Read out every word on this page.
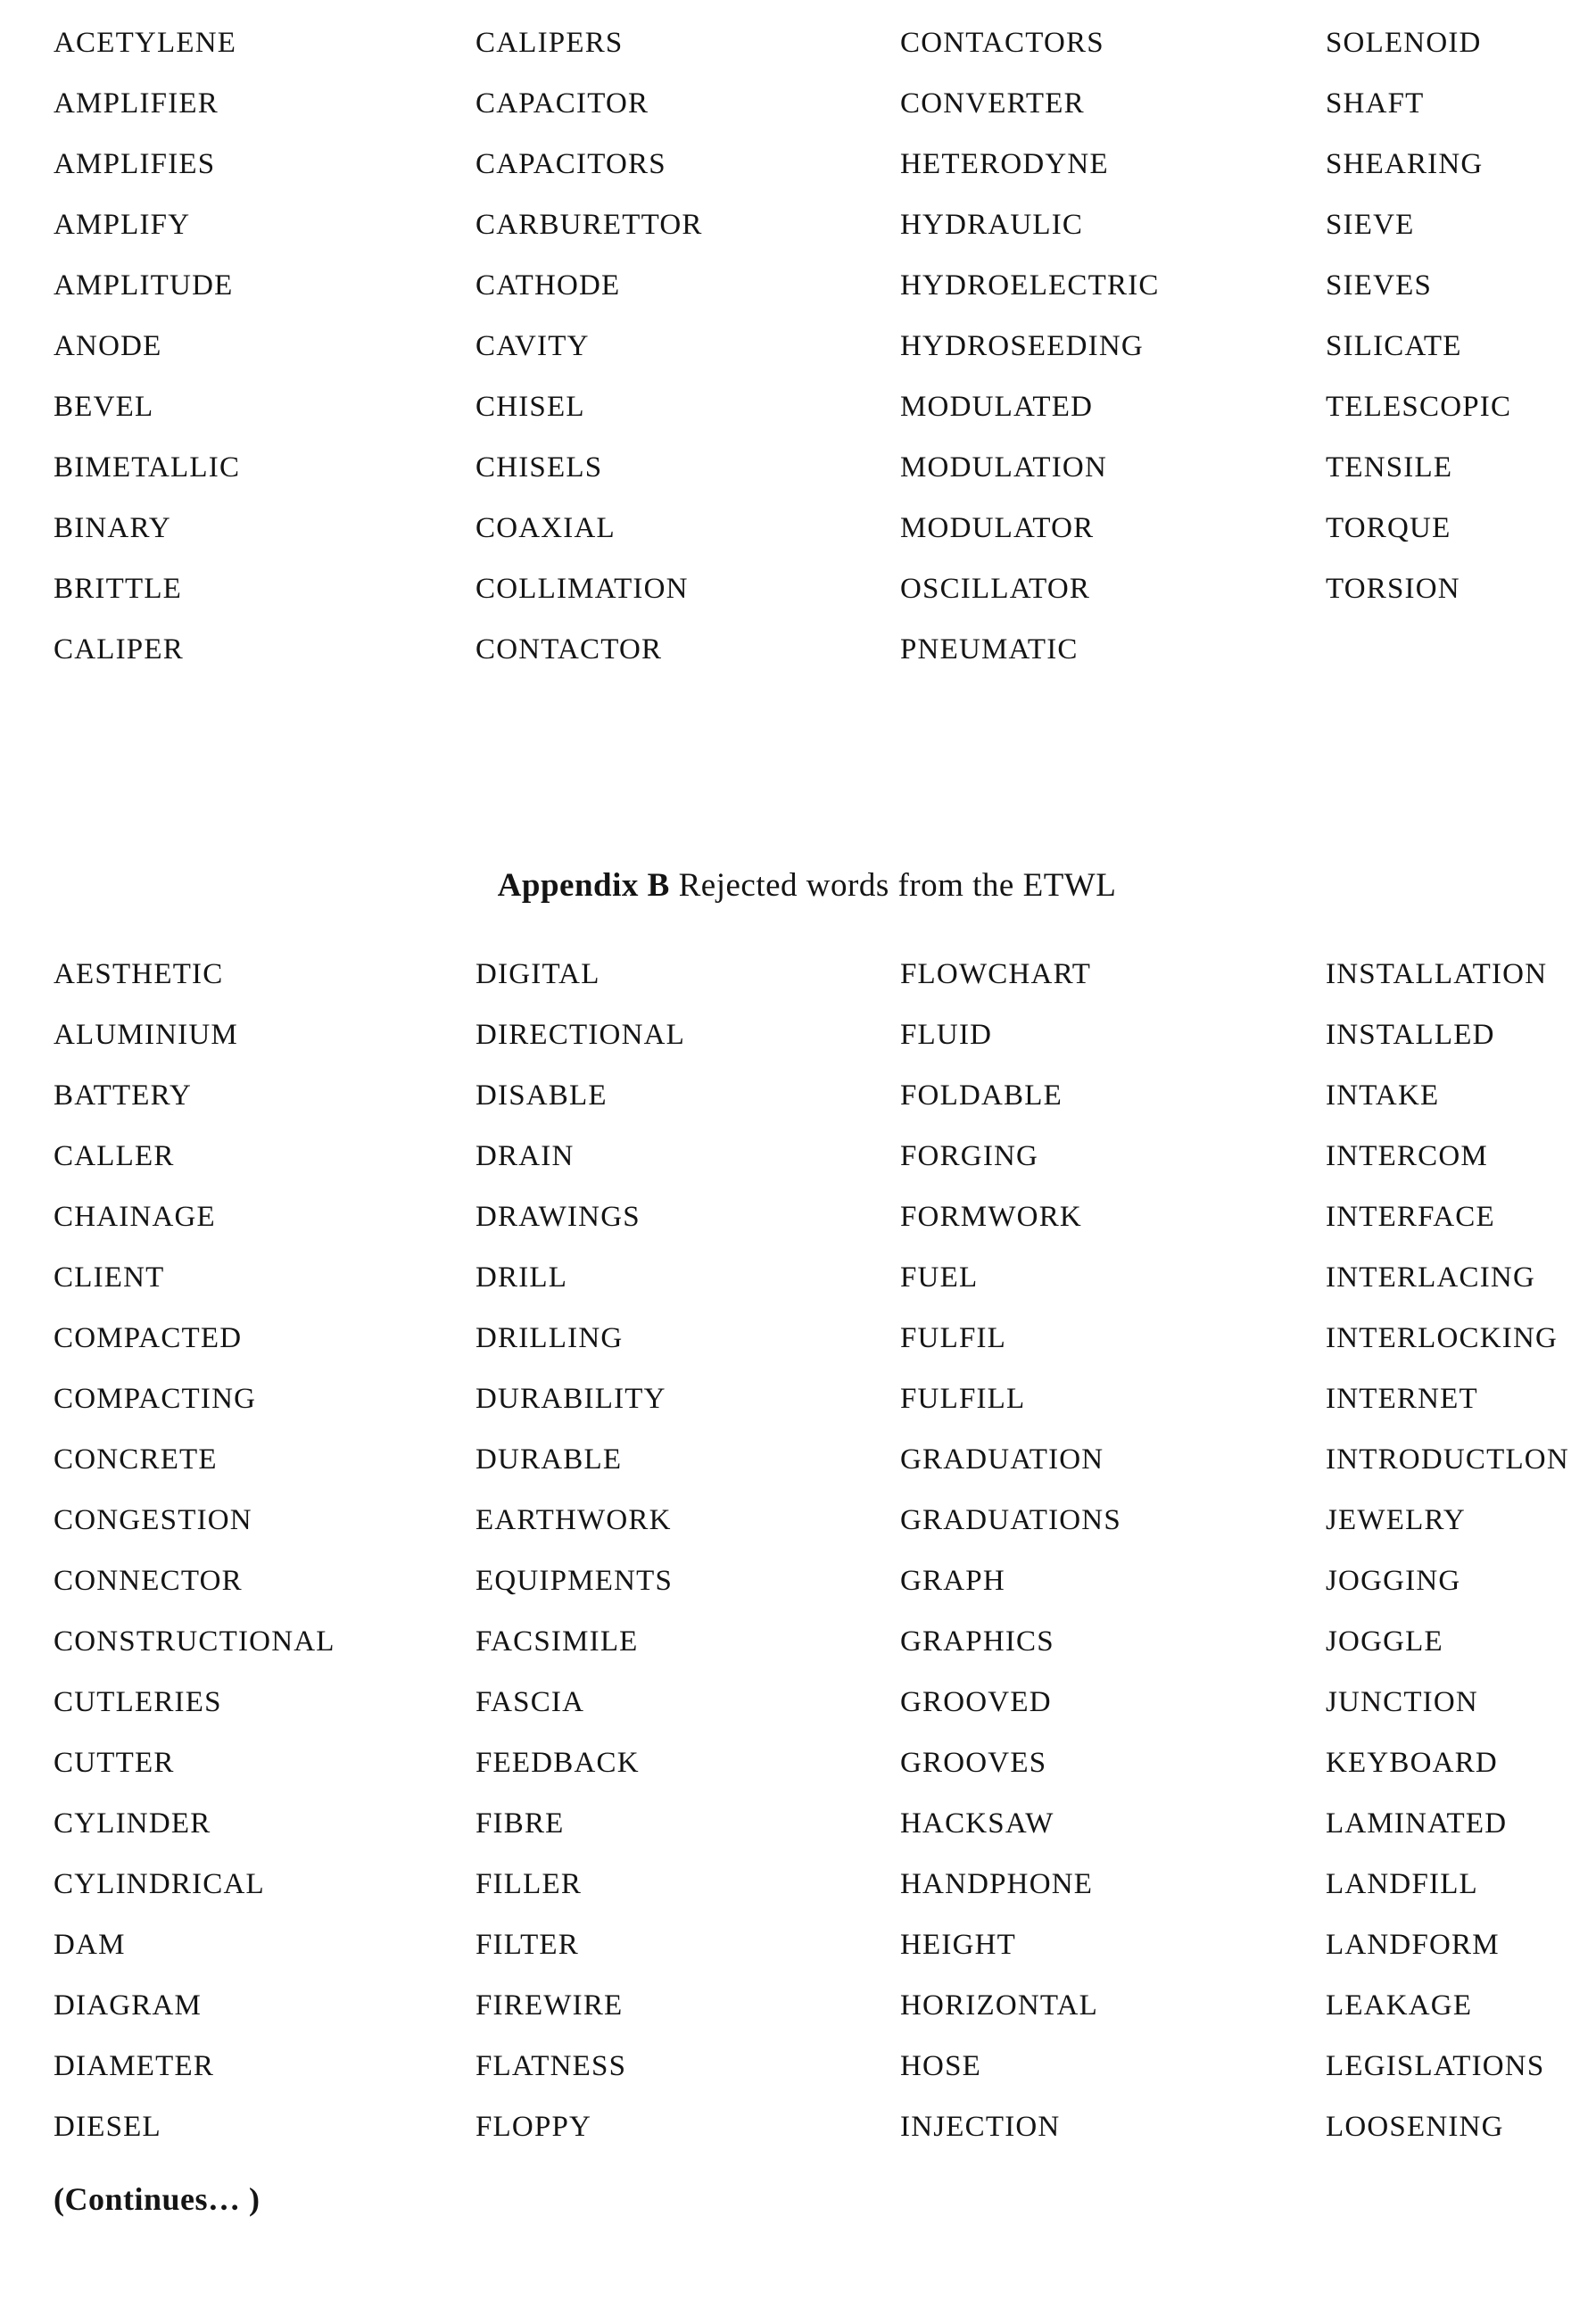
ACETYLENE
AMPLIFIER
AMPLIFIES
AMPLIFY
AMPLITUDE
ANODE
BEVEL
BIMETALLIC
BINARY
BRITTLE
CALIPER
CALIPERS
CAPACITOR
CAPACITORS
CARBURETTOR
CATHODE
CAVITY
CHISEL
CHISELS
COAXIAL
COLLIMATION
CONTACTOR
CONTACTORS
CONVERTER
HETERODYNE
HYDRAULIC
HYDROELECTRIC
HYDROSEEDING
MODULATED
MODULATION
MODULATOR
OSCILLATOR
PNEUMATIC
SOLENOID
SHAFT
SHEARING
SIEVE
SIEVES
SILICATE
TELESCOPIC
TENSILE
TORQUE
TORSION
Appendix B Rejected words from the ETWL
AESTHETIC
ALUMINIUM
BATTERY
CALLER
CHAINAGE
CLIENT
COMPACTED
COMPACTING
CONCRETE
CONGESTION
CONNECTOR
CONSTRUCTIONAL
CUTLERIES
CUTTER
CYLINDER
CYLINDRICAL
DAM
DIAGRAM
DIAMETER
DIESEL
DIGITAL
DIRECTIONAL
DISABLE
DRAIN
DRAWINGS
DRILL
DRILLING
DURABILITY
DURABLE
EARTHWORK
EQUIPMENTS
FACSIMILE
FASCIA
FEEDBACK
FIBRE
FILLER
FILTER
FIREWIRE
FLATNESS
FLOPPY
FLOWCHART
FLUID
FOLDABLE
FORGING
FORMWORK
FUEL
FULFIL
FULFILL
GRADUATION
GRADUATIONS
GRAPH
GRAPHICS
GROOVED
GROOVES
HACKSAW
HANDPHONE
HEIGHT
HORIZONTAL
HOSE
INJECTION
INSTALLATION
INSTALLED
INTAKE
INTERCOM
INTERFACE
INTERLACING
INTERLOCKING
INTERNET
INTRODUCTLON
JEWELRY
JOGGING
JOGGLE
JUNCTION
KEYBOARD
LAMINATED
LANDFILL
LANDFORM
LEAKAGE
LEGISLATIONS
LOOSENING
(Continues… )
